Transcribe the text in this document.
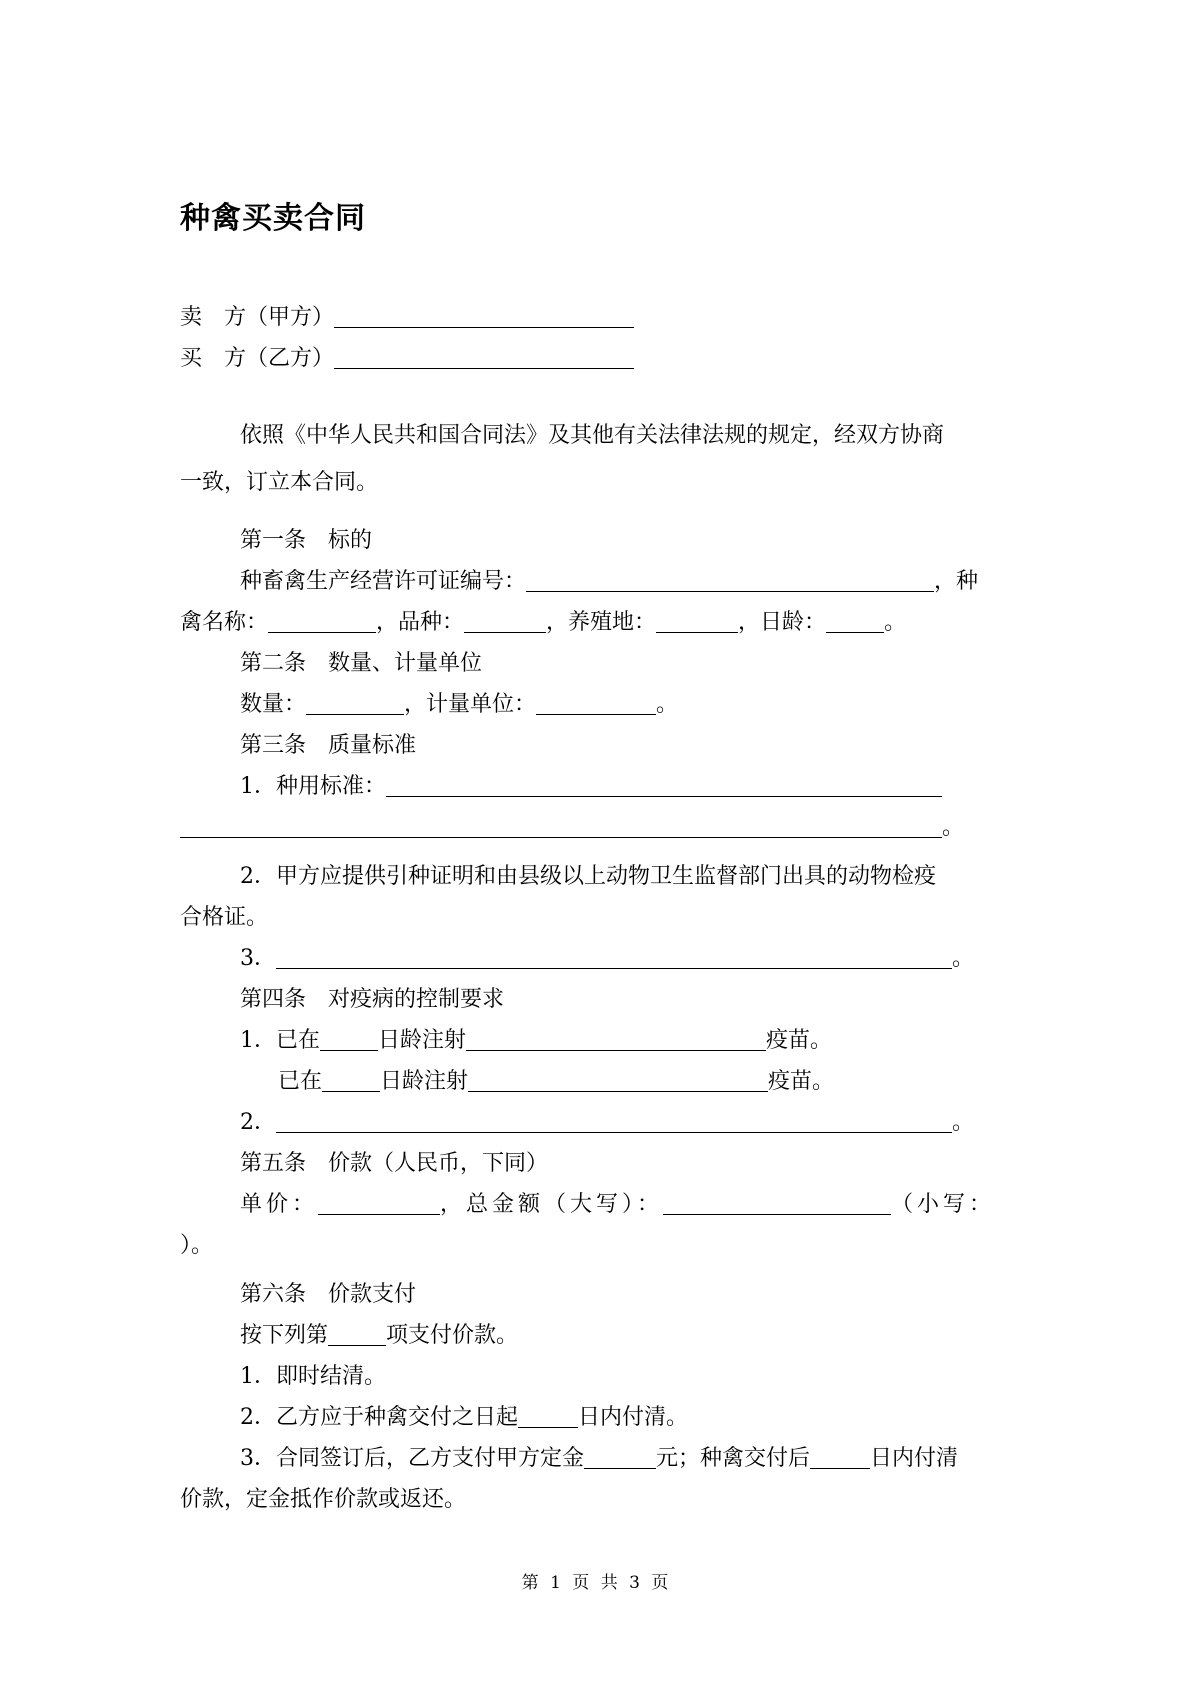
种禽买卖合同
卖　方（甲方）
买　方（乙方）
依照《中华人民共和国合同法》及其他有关法律法规的规定，经双方协商
一致，订立本合同。
第一条　标的
种畜禽生产经营许可证编号：	，种
禽名称：	，品种：	，养殖地：	，日龄：	。
第二条　数量、计量单位
数量：	，计量单位：	。
第三条　质量标准
1．种用标准：
。
2．甲方应提供引种证明和由县级以上动物卫生监督部门出具的动物检疫
合格证。
3．	。
第四条　对疫病的控制要求
1．已在	日龄注射	疫苗。
已在	日龄注射	疫苗。
2．	。
第五条　价款（人民币，下同）
单价：	，总金额（大写）：	（小写：
）。
第六条　价款支付
按下列第	项支付价款。
1．即时结清。
2．乙方应于种禽交付之日起	日内付清。
3．合同签订后，乙方支付甲方定金	元；种禽交付后	日内付清
价款，定金抵作价款或返还。
第 1 页 共 3 页
